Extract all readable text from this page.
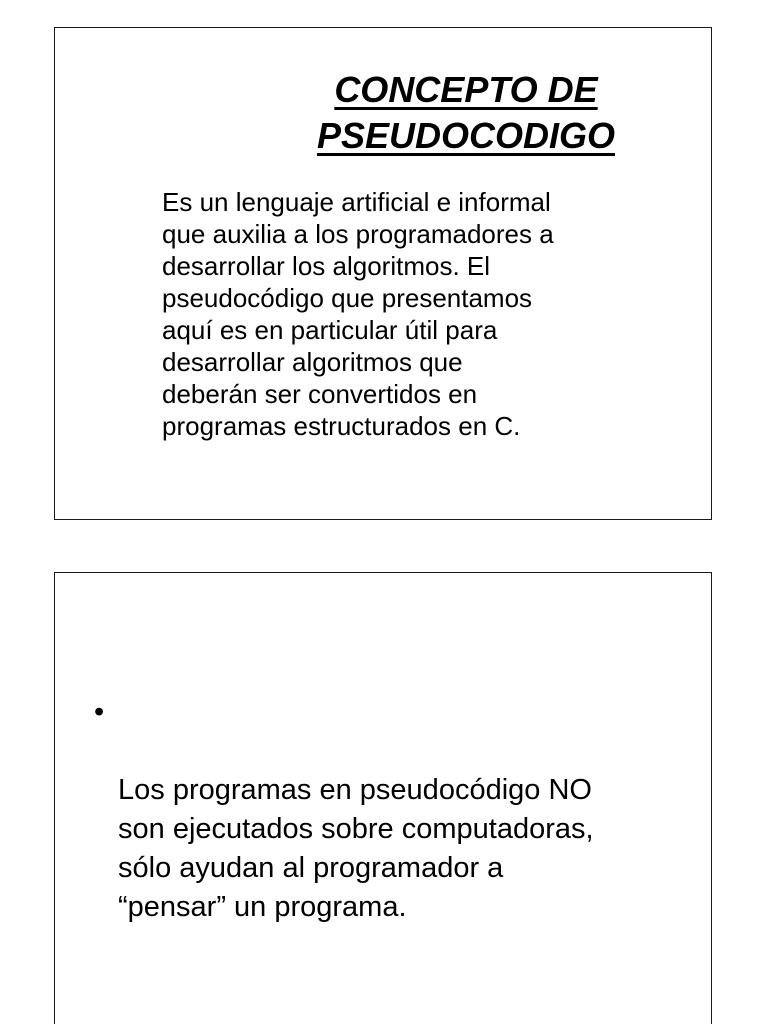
CONCEPTO DE
PSEUDOCODIGO

Es un lenguaje artificial e informal
que auxilia a los programadores a
desarrollar los algoritmos. El
pseudocódigo que presentamos
aquí es en particular útil para
desarrollar algoritmos que
deberán ser convertidos en
programas estructurados en C.

•

Los programas en pseudocódigo NO
son ejecutados sobre computadoras,
sólo ayudan al programador a
“pensar” un programa.
